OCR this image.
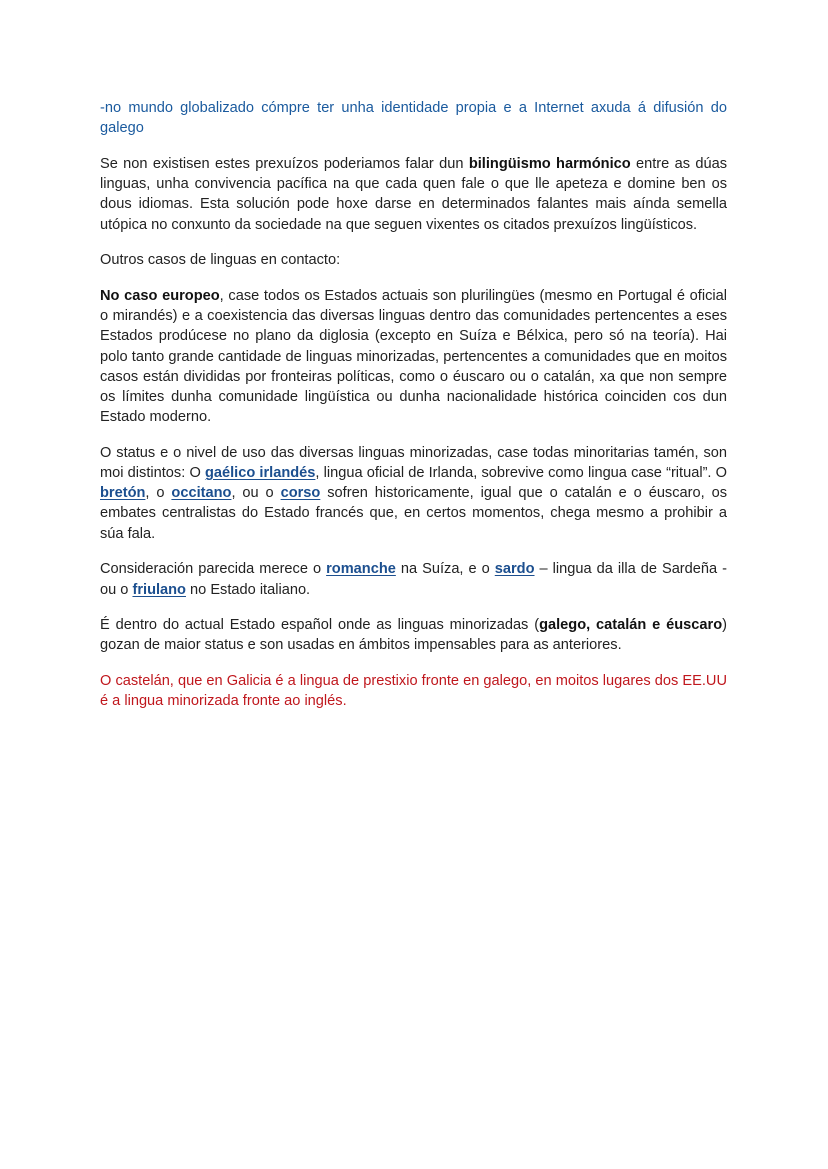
-no mundo globalizado cómpre ter unha identidade propia e a Internet axuda á difusión do galego

Se non existisen estes prexuízos poderiamos falar dun bilingüismo harmónico entre as dúas linguas, unha convivencia pacífica na que cada quen fale o que lle apeteza e domine ben os dous idiomas. Esta solución pode hoxe darse en determinados falantes mais aínda semella utópica no conxunto da sociedade na que seguen vixentes os citados prexuízos lingüísticos.

Outros casos de linguas en contacto:

No caso europeo, case todos os Estados actuais son plurilingües (mesmo en Portugal é oficial o mirandés) e a coexistencia das diversas linguas dentro das comunidades pertencentes a eses Estados prodúcese no plano da diglosia (excepto en Suíza e Bélxica, pero só na teoría). Hai polo tanto grande cantidade de linguas minorizadas, pertencentes a comunidades que en moitos casos están divididas por fronteiras políticas, como o éuscaro ou o catalán, xa que non sempre os límites dunha comunidade lingüística ou dunha nacionalidade histórica coinciden cos dun Estado moderno.

O status e o nivel de uso das diversas linguas minorizadas, case todas minoritarias tamén, son moi distintos: O gaélico irlandés, lingua oficial de Irlanda, sobrevive como lingua case “ritual”. O bretón, o occitano, ou o corso sofren historicamente, igual que o catalán e o éuscaro, os embates centralistas do Estado francés que, en certos momentos, chega mesmo a prohibir a súa fala.

Consideración parecida merece o romanche na Suíza, e o sardo – lingua da illa de Sardeña - ou o friulano no Estado italiano.

É dentro do actual Estado español onde as linguas minorizadas (galego, catalán e éuscaro) gozan de maior status e son usadas en ámbitos impensables para as anteriores.

O castelán, que en Galicia é a lingua de prestixio fronte en galego, en moitos lugares dos EE.UU é a lingua minorizada fronte ao inglés.
